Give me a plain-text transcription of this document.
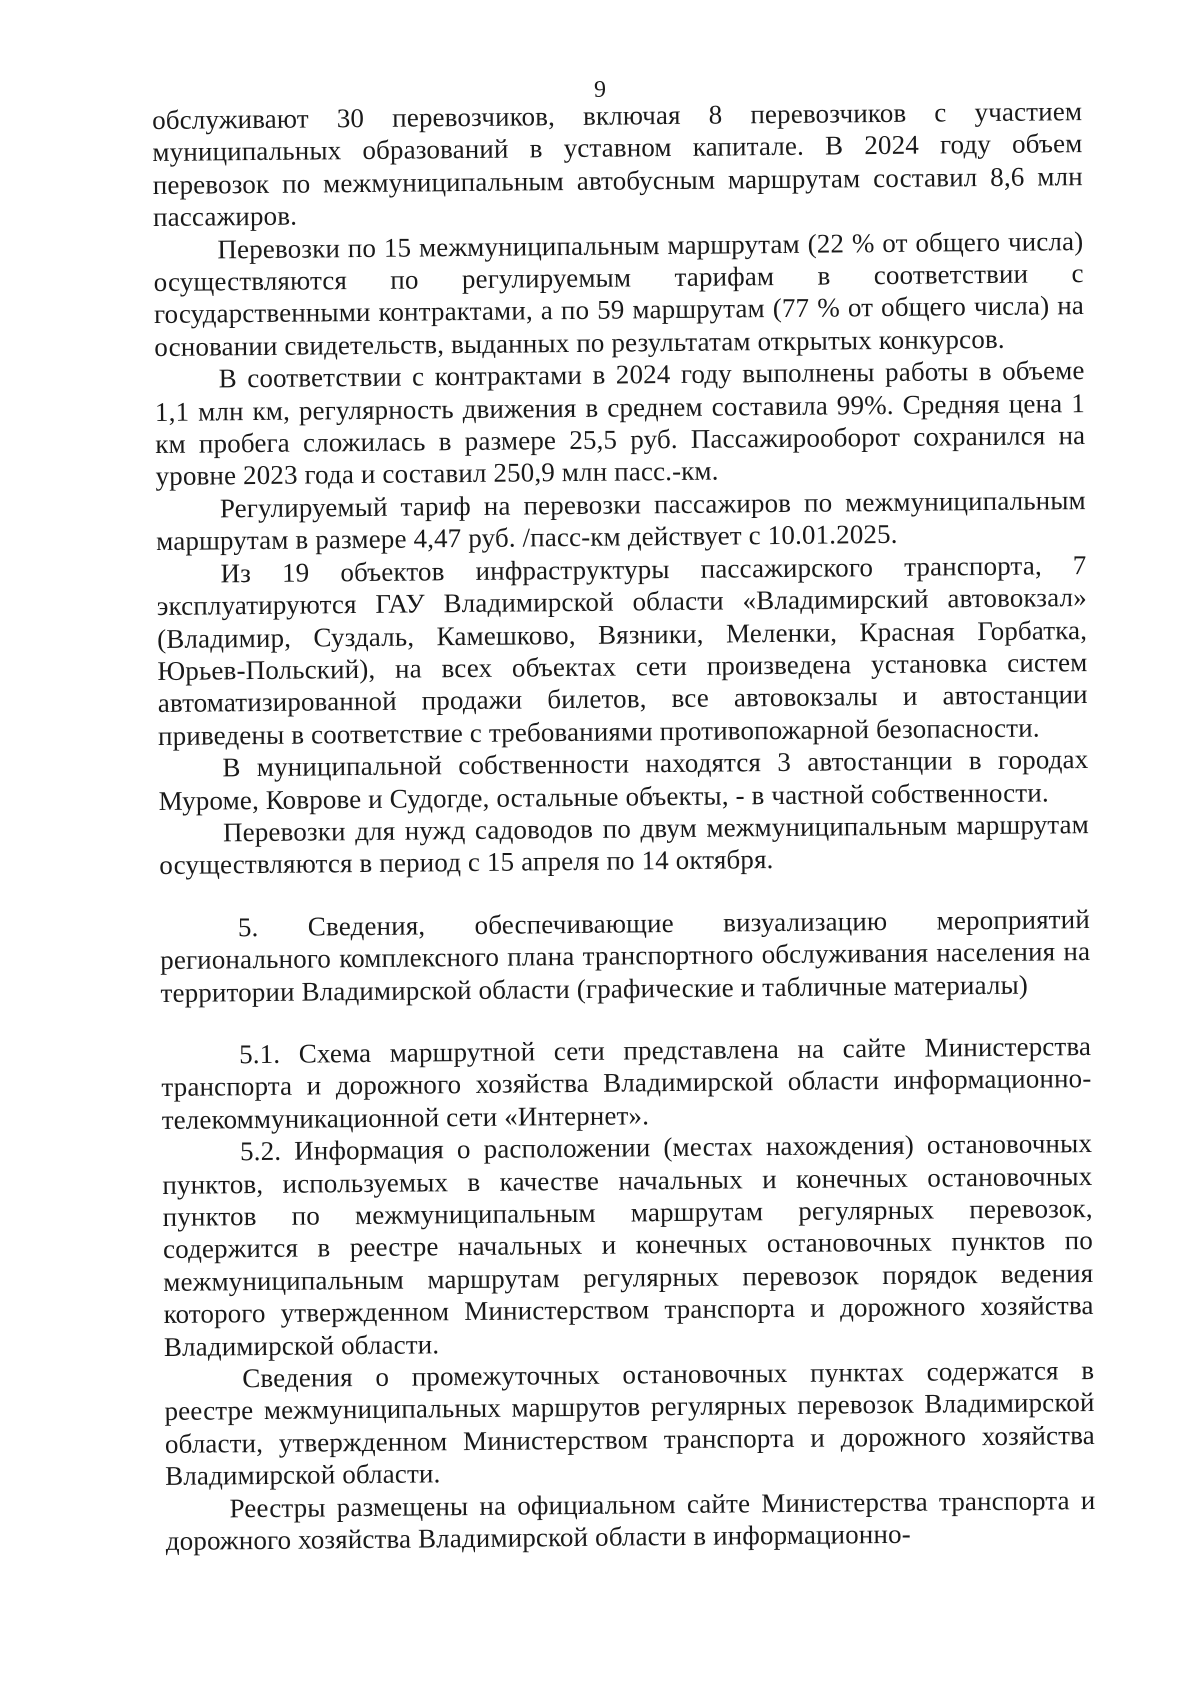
9

обслуживают 30 перевозчиков, включая 8 перевозчиков с участием муниципальных образований в уставном капитале. В 2024 году объем перевозок по межмуниципальным автобусным маршрутам составил 8,6 млн пассажиров.

Перевозки по 15 межмуниципальным маршрутам (22 % от общего числа) осуществляются по регулируемым тарифам в соответствии с государственными контрактами, а по 59 маршрутам (77 % от общего числа) на основании свидетельств, выданных по результатам открытых конкурсов.

В соответствии с контрактами в 2024 году выполнены работы в объеме 1,1 млн км, регулярность движения в среднем составила 99%. Средняя цена 1 км пробега сложилась в размере 25,5 руб. Пассажирооборот сохранился на уровне 2023 года и составил 250,9 млн пасс.-км.

Регулируемый тариф на перевозки пассажиров по межмуниципальным маршрутам в размере 4,47 руб. /пасс-км действует с 10.01.2025.

Из 19 объектов инфраструктуры пассажирского транспорта, 7 эксплуатируются ГАУ Владимирской области «Владимирский автовокзал» (Владимир, Суздаль, Камешково, Вязники, Меленки, Красная Горбатка, Юрьев-Польский), на всех объектах сети произведена установка систем автоматизированной продажи билетов, все автовокзалы и автостанции приведены в соответствие с требованиями противопожарной безопасности.

В муниципальной собственности находятся 3 автостанции в городах Муроме, Коврове и Судогде, остальные объекты, - в частной собственности.

Перевозки для нужд садоводов по двум межмуниципальным маршрутам осуществляются в период с 15 апреля по 14 октября.

5. Сведения, обеспечивающие визуализацию мероприятий регионального комплексного плана транспортного обслуживания населения на территории Владимирской области (графические и табличные материалы)

5.1. Схема маршрутной сети представлена на сайте Министерства транспорта и дорожного хозяйства Владимирской области информационно-телекоммуникационной сети «Интернет».

5.2. Информация о расположении (местах нахождения) остановочных пунктов, используемых в качестве начальных и конечных остановочных пунктов по межмуниципальным маршрутам регулярных перевозок, содержится в реестре начальных и конечных остановочных пунктов по межмуниципальным маршрутам регулярных перевозок порядок ведения которого утвержденном Министерством транспорта и дорожного хозяйства Владимирской области.

Сведения о промежуточных остановочных пунктах содержатся в реестре межмуниципальных маршрутов регулярных перевозок Владимирской области, утвержденном Министерством транспорта и дорожного хозяйства Владимирской области.

Реестры размещены на официальном сайте Министерства транспорта и дорожного хозяйства Владимирской области в информационно-
